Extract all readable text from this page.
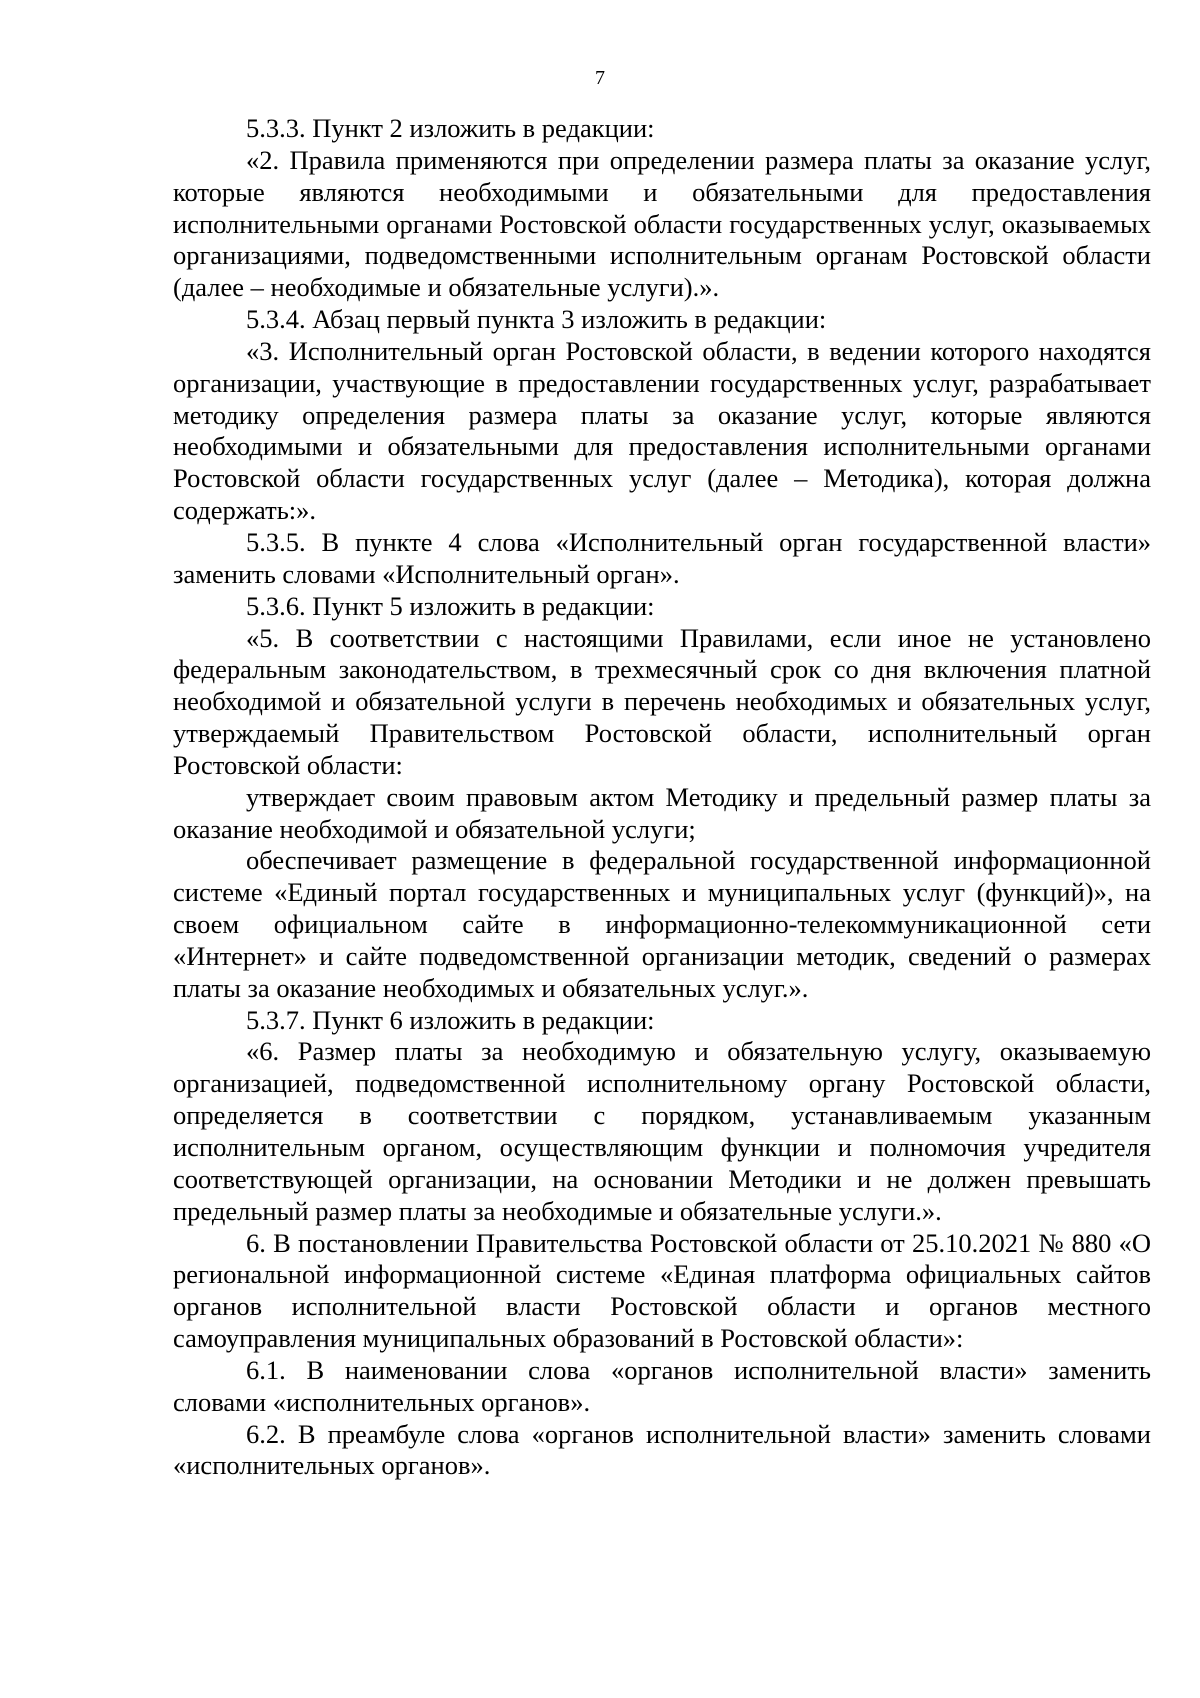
7

5.3.3. Пункт 2 изложить в редакции:

«2. Правила применяются при определении размера платы за оказание услуг, которые являются необходимыми и обязательными для предоставления исполнительными органами Ростовской области государственных услуг, оказываемых организациями, подведомственными исполнительным органам Ростовской области (далее – необходимые и обязательные услуги).».

5.3.4. Абзац первый пункта 3 изложить в редакции:

«3. Исполнительный орган Ростовской области, в ведении которого находятся организации, участвующие в предоставлении государственных услуг, разрабатывает методику определения размера платы за оказание услуг, которые являются необходимыми и обязательными для предоставления исполнительными органами Ростовской области государственных услуг (далее – Методика), которая должна содержать:».

5.3.5. В пункте 4 слова «Исполнительный орган государственной власти» заменить словами «Исполнительный орган».

5.3.6. Пункт 5 изложить в редакции:

«5. В соответствии с настоящими Правилами, если иное не установлено федеральным законодательством, в трехмесячный срок со дня включения платной необходимой и обязательной услуги в перечень необходимых и обязательных услуг, утверждаемый Правительством Ростовской области, исполнительный орган Ростовской области:

утверждает своим правовым актом Методику и предельный размер платы за оказание необходимой и обязательной услуги;

обеспечивает размещение в федеральной государственной информационной системе «Единый портал государственных и муниципальных услуг (функций)», на своем официальном сайте в информационно-телекоммуникационной сети «Интернет» и сайте подведомственной организации методик, сведений о размерах платы за оказание необходимых и обязательных услуг.».

5.3.7. Пункт 6 изложить в редакции:

«6. Размер платы за необходимую и обязательную услугу, оказываемую организацией, подведомственной исполнительному органу Ростовской области, определяется в соответствии с порядком, устанавливаемым указанным исполнительным органом, осуществляющим функции и полномочия учредителя соответствующей организации, на основании Методики и не должен превышать предельный размер платы за необходимые и обязательные услуги.».

6. В постановлении Правительства Ростовской области от 25.10.2021 № 880 «О региональной информационной системе «Единая платформа официальных сайтов органов исполнительной власти Ростовской области и органов местного самоуправления муниципальных образований в Ростовской области»:

6.1. В наименовании слова «органов исполнительной власти» заменить словами «исполнительных органов».

6.2. В преамбуле слова «органов исполнительной власти» заменить словами «исполнительных органов».
